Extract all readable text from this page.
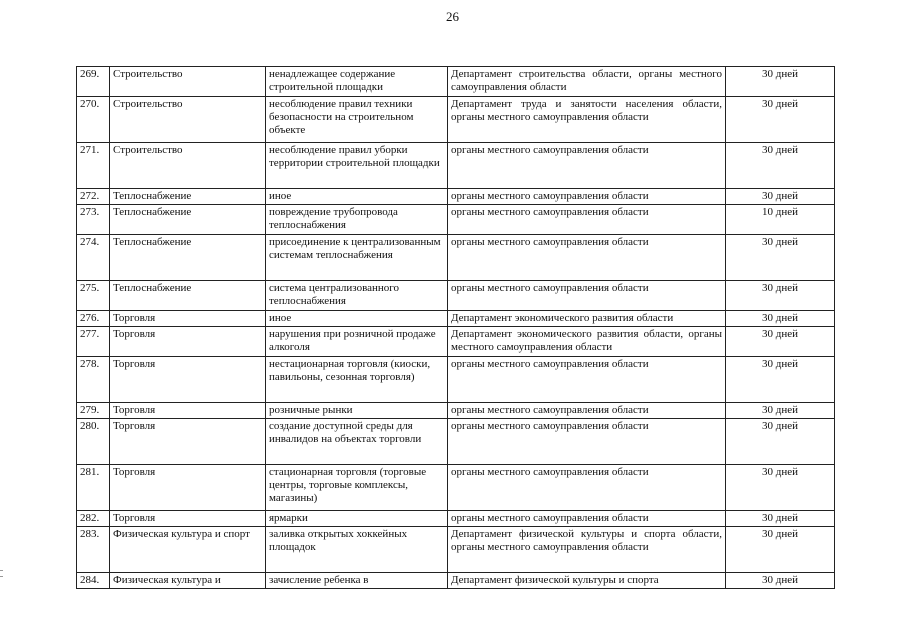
26
269.	Строительство	ненадлежащее содержание строительной площадки	Департамент строительства области, органы местного самоуправления области	30 дней
270.	Строительство	несоблюдение правил техники безопасности на строительном объекте	Департамент труда и занятости населения области, органы местного самоуправления области	30 дней
271.	Строительство	несоблюдение правил уборки территории строительной площадки	органы местного самоуправления области	30 дней
272.	Теплоснабжение	иное	органы местного самоуправления области	30 дней
273.	Теплоснабжение	повреждение трубопровода теплоснабжения	органы местного самоуправления области	10 дней
274.	Теплоснабжение	присоединение к централизованным системам теплоснабжения	органы местного самоуправления области	30 дней
275.	Теплоснабжение	система централизованного теплоснабжения	органы местного самоуправления области	30 дней
276.	Торговля	иное	Департамент экономического развития области	30 дней
277.	Торговля	нарушения при розничной продаже алкоголя	Департамент экономического развития области, органы местного самоуправления области	30 дней
278.	Торговля	нестационарная торговля (киоски, павильоны, сезонная торговля)	органы местного самоуправления области	30 дней
279.	Торговля	розничные рынки	органы местного самоуправления области	30 дней
280.	Торговля	создание доступной среды для инвалидов на объектах торговли	органы местного самоуправления области	30 дней
281.	Торговля	стационарная торговля (торговые центры, торговые комплексы, магазины)	органы местного самоуправления области	30 дней
282.	Торговля	ярмарки	органы местного самоуправления области	30 дней
283.	Физическая культура и спорт	заливка открытых хоккейных площадок	Департамент физической культуры и спорта области, органы местного самоуправления области	30 дней
284.	Физическая культура и	зачисление ребенка в	Департамент физической культуры и спорта	30 дней
